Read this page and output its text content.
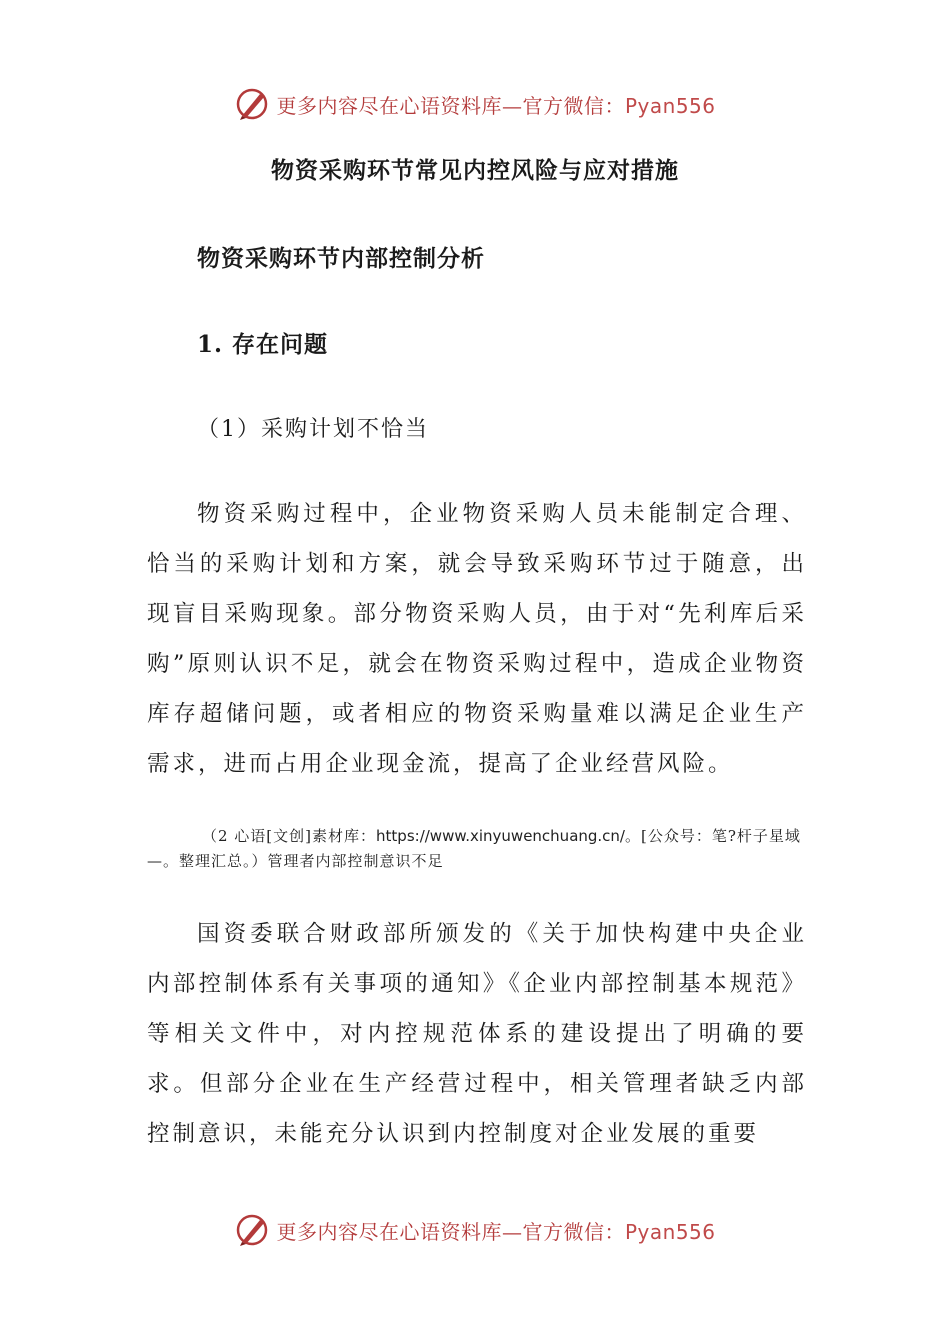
更多内容尽在心语资料库—官方微信：Pyan556
物资采购环节常见内控风险与应对措施
物资采购环节内部控制分析
1. 存在问题
（1）采购计划不恰当
物资采购过程中，企业物资采购人员未能制定合理、恰当的采购计划和方案，就会导致采购环节过于随意，出现盲目采购现象。部分物资采购人员，由于对“先利库后采购”原则认识不足，就会在物资采购过程中，造成企业物资库存超储问题，或者相应的物资采购量难以满足企业生产需求，进而占用企业现金流，提高了企业经营风险。
（2 心语[文创]素材库：https://www.xinyuwenchuang.cn/。[公众号：笔?杆子星域—。整理汇总。）管理者内部控制意识不足
国资委联合财政部所颁发的《关于加快构建中央企业内部控制体系有关事项的通知》《企业内部控制基本规范》等相关文件中，对内控规范体系的建设提出了明确的要求。但部分企业在生产经营过程中，相关管理者缺乏内部控制意识，未能充分认识到内控制度对企业发展的重要
更多内容尽在心语资料库—官方微信：Pyan556
